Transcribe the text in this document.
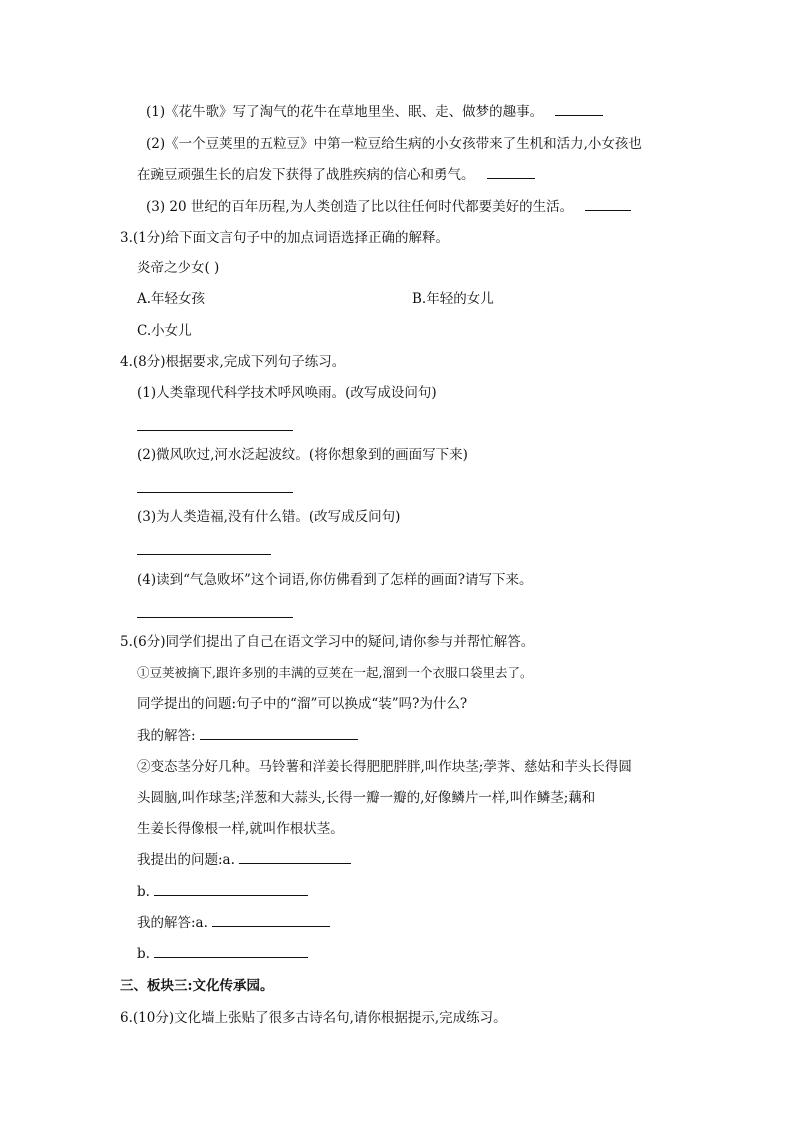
(1)《花牛歌》写了淘气的花牛在草地里坐、眠、走、做梦的趣事。
(2)《一个豆荚里的五粒豆》中第一粒豆给生病的小女孩带来了生机和活力,小女孩也
在豌豆顽强生长的启发下获得了战胜疾病的信心和勇气。
(3) 20 世纪的百年历程,为人类创造了比以往任何时代都要美好的生活。
3.(1分)给下面文言句子中的加点词语选择正确的解释。
炎帝之少女( )
A.年轻女孩	B.年轻的女儿
C.小女儿
4.(8分)根据要求,完成下列句子练习。
(1)人类靠现代科学技术呼风唤雨。(改写成设问句)
(2)微风吹过,河水泛起波纹。(将你想象到的画面写下来)
(3)为人类造福,没有什么错。(改写成反问句)
(4)读到“气急败坏”这个词语,你仿佛看到了怎样的画面?请写下来。
5.(6分)同学们提出了自己在语文学习中的疑问,请你参与并帮忙解答。
①豆荚被摘下,跟许多别的丰满的豆荚在一起,溜到一个衣服口袋里去了。
同学提出的问题:句子中的“溜”可以换成“装”吗?为什么?
我的解答:
②变态茎分好几种。马铃薯和洋姜长得肥肥胖胖,叫作块茎;荸荠、慈姑和芋头长得圆
头圆脑,叫作球茎;洋葱和大蒜头,长得一瓣一瓣的,好像鳞片一样,叫作鳞茎;藕和
生姜长得像根一样,就叫作根状茎。
我提出的问题:a.
b.
我的解答:a.
b.
三、板块三:文化传承园。
6.(10分)文化墙上张贴了很多古诗名句,请你根据提示,完成练习。
